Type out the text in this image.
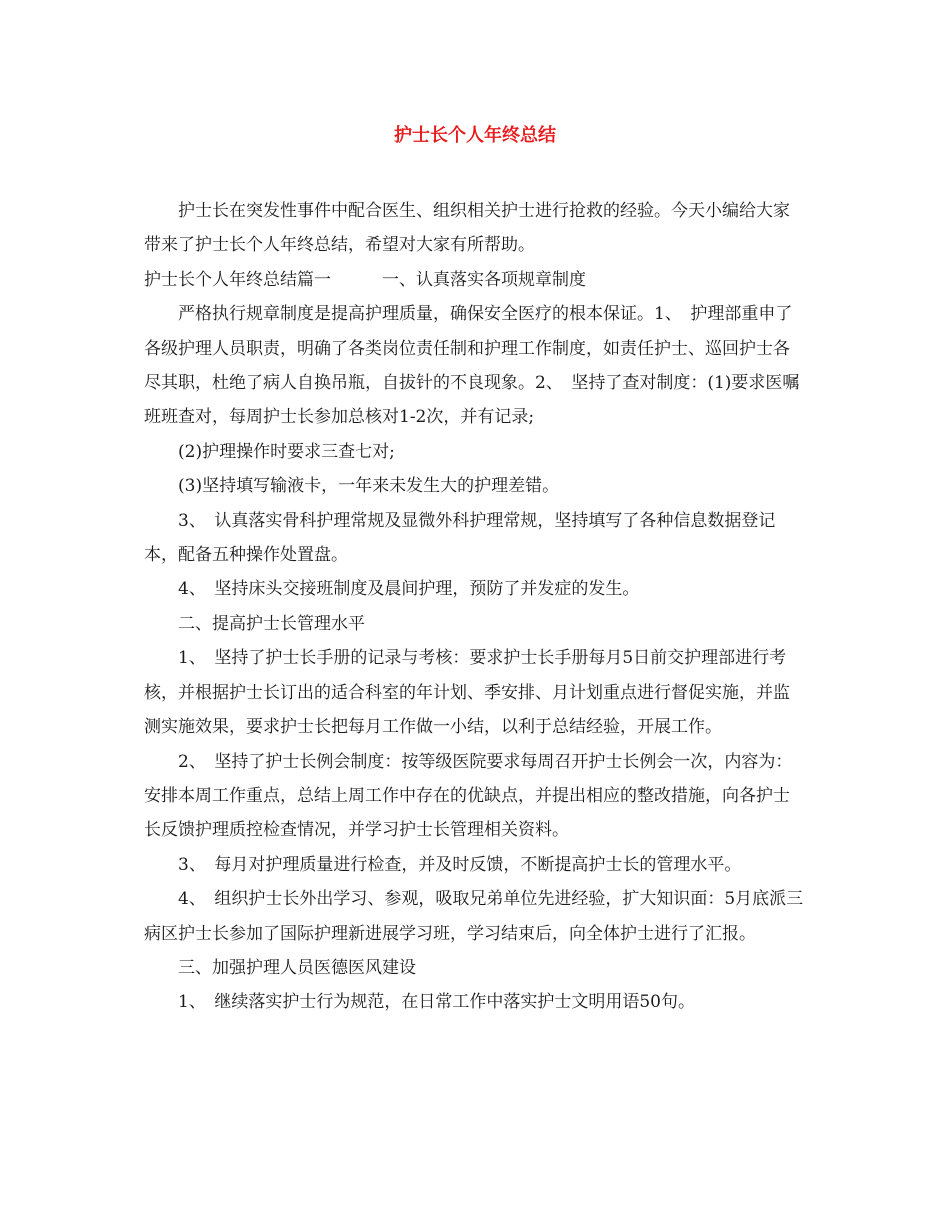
护士长个人年终总结

护士长在突发性事件中配合医生、组织相关护士进行抢救的经验。今天小编给大家带来了护士长个人年终总结，希望对大家有所帮助。

护士长个人年终总结篇一　　　一、认真落实各项规章制度

严格执行规章制度是提高护理质量，确保安全医疗的根本保证。1、　护理部重申了各级护理人员职责，明确了各类岗位责任制和护理工作制度，如责任护士、巡回护士各尽其职，杜绝了病人自换吊瓶，自拔针的不良现象。2、　坚持了查对制度：(1)要求医嘱班班查对，每周护士长参加总核对1-2次，并有记录;

(2)护理操作时要求三查七对;

(3)坚持填写输液卡，一年来未发生大的护理差错。

3、　认真落实骨科护理常规及显微外科护理常规，坚持填写了各种信息数据登记本，配备五种操作处置盘。

4、　坚持床头交接班制度及晨间护理，预防了并发症的发生。

二、提高护士长管理水平

1、　坚持了护士长手册的记录与考核：要求护士长手册每月5日前交护理部进行考核，并根据护士长订出的适合科室的年计划、季安排、月计划重点进行督促实施，并监测实施效果，要求护士长把每月工作做一小结，以利于总结经验，开展工作。

2、　坚持了护士长例会制度：按等级医院要求每周召开护士长例会一次，内容为：安排本周工作重点，总结上周工作中存在的优缺点，并提出相应的整改措施，向各护士长反馈护理质控检查情况，并学习护士长管理相关资料。

3、　每月对护理质量进行检查，并及时反馈，不断提高护士长的管理水平。

4、　组织护士长外出学习、参观，吸取兄弟单位先进经验，扩大知识面：5月底派三病区护士长参加了国际护理新进展学习班，学习结束后，向全体护士进行了汇报。

三、加强护理人员医德医风建设

1、　继续落实护士行为规范，在日常工作中落实护士文明用语50句。
